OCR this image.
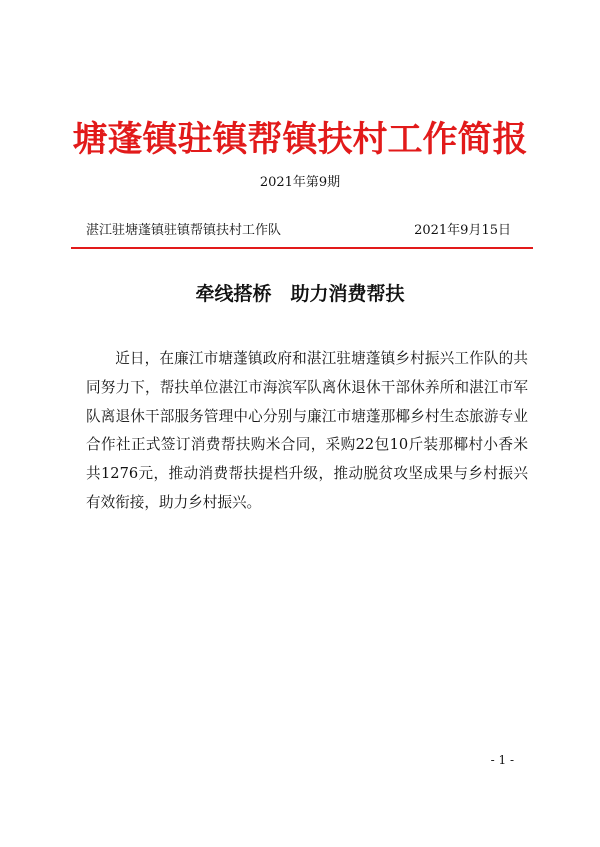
塘蓬镇驻镇帮镇扶村工作简报
2021年第9期
湛江驻塘蓬镇驻镇帮镇扶村工作队	2021年9月15日
牵线搭桥　助力消费帮扶
近日，在廉江市塘蓬镇政府和湛江驻塘蓬镇乡村振兴工作队的共同努力下，帮扶单位湛江市海滨军队离休退休干部休养所和湛江市军队离退休干部服务管理中心分别与廉江市塘蓬那椰乡村生态旅游专业合作社正式签订消费帮扶购米合同，采购22包10斤装那椰村小香米共1276元，推动消费帮扶提档升级，推动脱贫攻坚成果与乡村振兴有效衔接，助力乡村振兴。
- 1 -
